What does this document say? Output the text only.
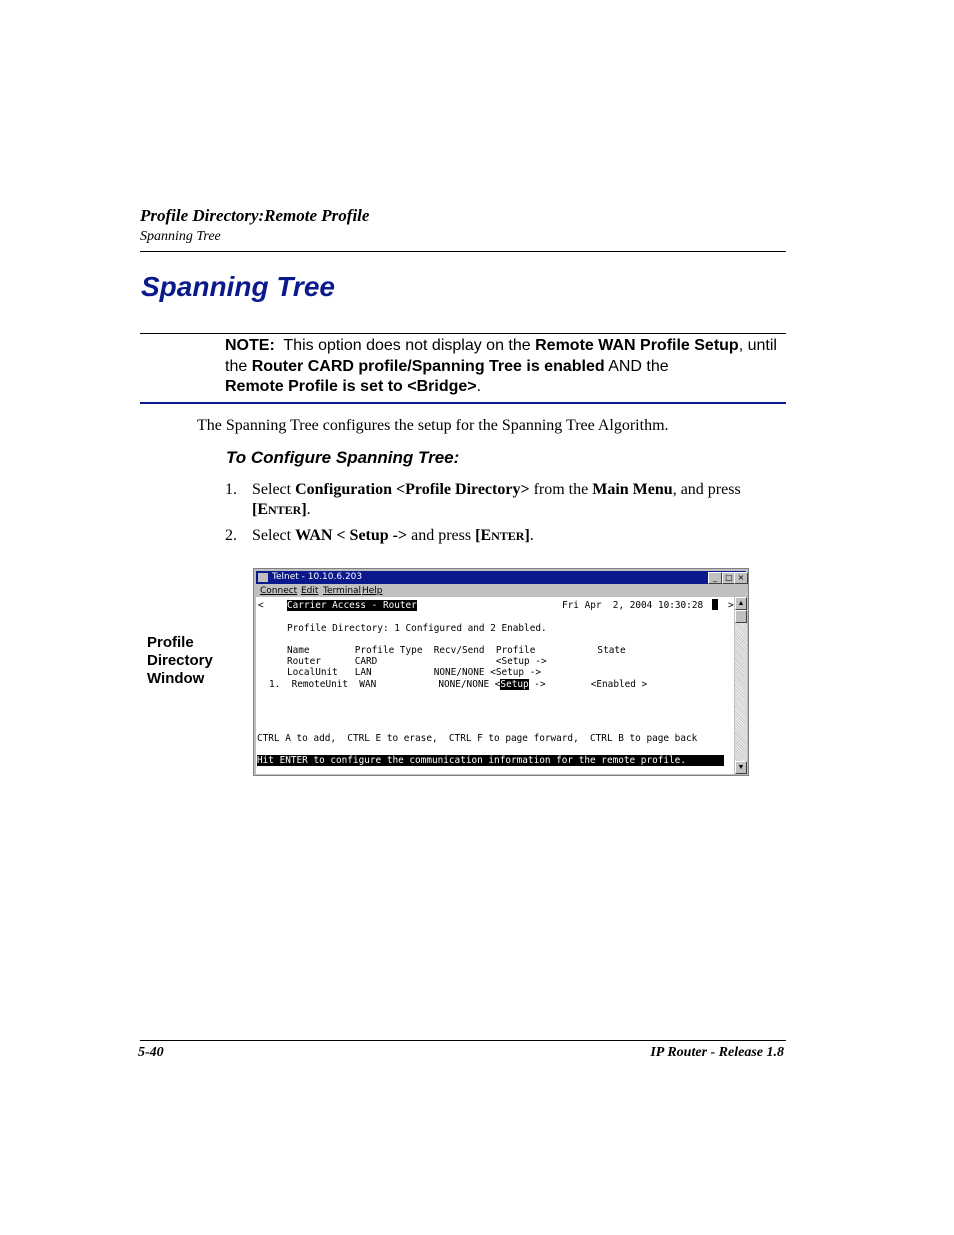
Profile Directory:Remote Profile
Spanning Tree
Spanning Tree
NOTE: This option does not display on the Remote WAN Profile Setup, until the Router CARD profile/Spanning Tree is enabled AND the
Remote Profile is set to <Bridge>.
The Spanning Tree configures the setup for the Spanning Tree Algorithm.
To Configure Spanning Tree:
1. Select Configuration <Profile Directory> from the Main Menu, and press
[ENTER].
2. Select WAN < Setup -> and press [ENTER].
Profile
Directory
Window
Telnet - 10.10.6.203	_	□ ×
Connect Edit Terminal Help
< Carrier Access - Router	Fri Apr  2, 2004 10:30:28
	>
Profile Directory: 1 Configured and 2 Enabled.
Name        Profile Type  Recv/Send  Profile           State
Router      CARD                     <Setup ->
LocalUnit   LAN           NONE/NONE <Setup ->
1.  RemoteUnit  WAN           NONE/NONE <Setup ->        <Enabled >
CTRL A to add,  CTRL E to erase,  CTRL F to page forward,  CTRL B to page back
Hit ENTER to configure the communication information for the remote profile.
▲
▼
5-40	IP Router - Release 1.8
